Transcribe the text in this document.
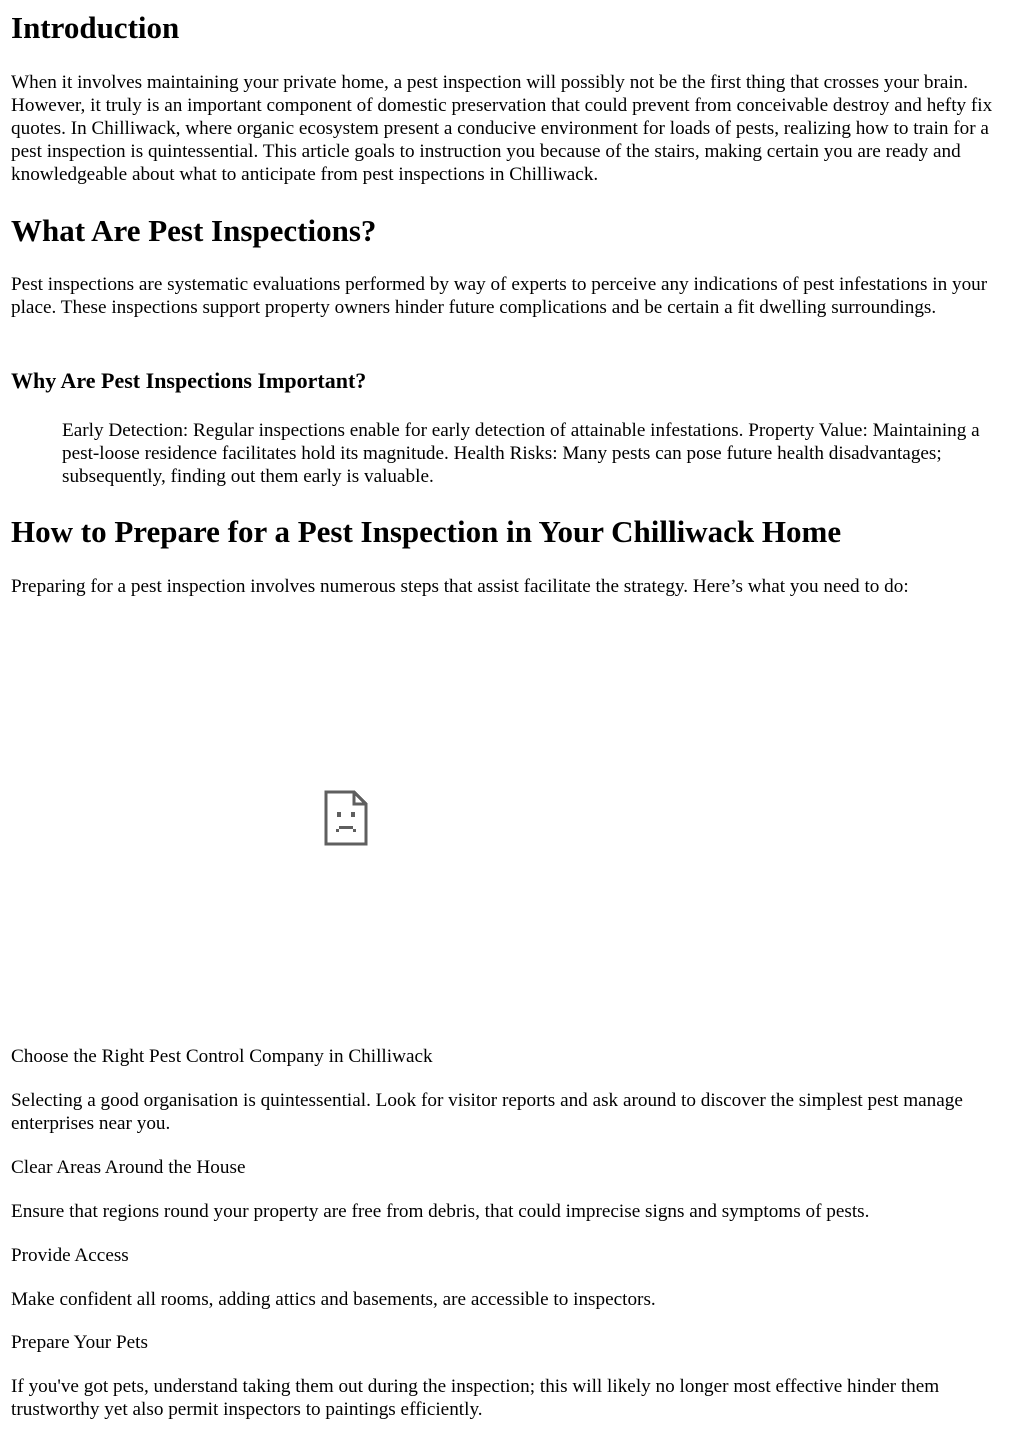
Introduction

When it involves maintaining your private home, a pest inspection will possibly not be the first thing that crosses your brain. However, it truly is an important component of domestic preservation that could prevent from conceivable destroy and hefty fix quotes. In Chilliwack, where organic ecosystem present a conducive environment for loads of pests, realizing how to train for a pest inspection is quintessential. This article goals to instruction you because of the stairs, making certain you are ready and knowledgeable about what to anticipate from pest inspections in Chilliwack.

What Are Pest Inspections?

Pest inspections are systematic evaluations performed by way of experts to perceive any indications of pest infestations in your place. These inspections support property owners hinder future complications and be certain a fit dwelling surroundings.

Why Are Pest Inspections Important?

Early Detection: Regular inspections enable for early detection of attainable infestations. Property Value: Maintaining a pest-loose residence facilitates hold its magnitude. Health Risks: Many pests can pose future health disadvantages; subsequently, finding out them early is valuable.

How to Prepare for a Pest Inspection in Your Chilliwack Home

Preparing for a pest inspection involves numerous steps that assist facilitate the strategy. Here’s what you need to do:

Choose the Right Pest Control Company in Chilliwack

Selecting a good organisation is quintessential. Look for visitor reports and ask around to discover the simplest pest manage enterprises near you.

Clear Areas Around the House

Ensure that regions round your property are free from debris, that could imprecise signs and symptoms of pests.

Provide Access

Make confident all rooms, adding attics and basements, are accessible to inspectors.

Prepare Your Pets

If you've got pets, understand taking them out during the inspection; this will likely no longer most effective hinder them trustworthy yet also permit inspectors to paintings efficiently.
